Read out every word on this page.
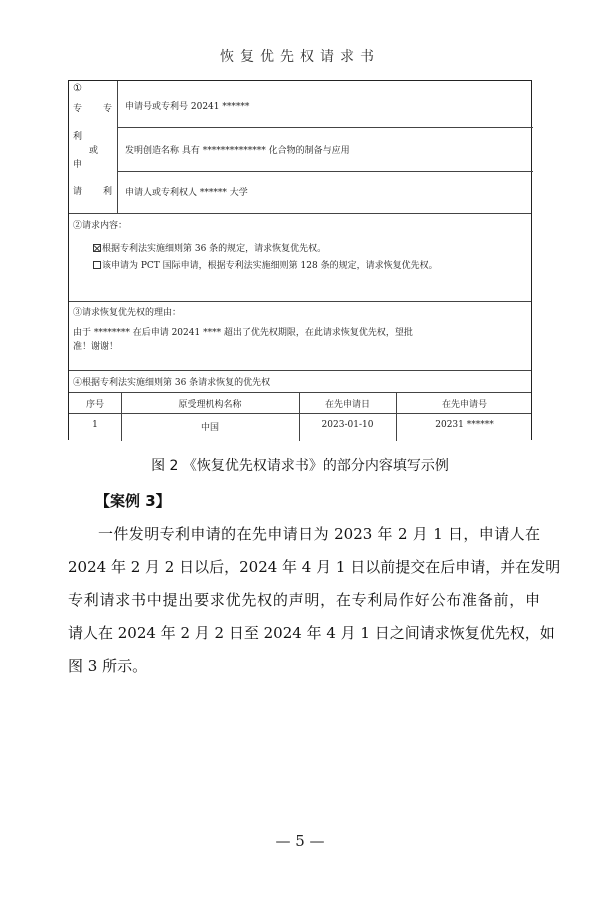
恢复优先权请求书
①
专 专
利
或
申
请 利
申请号或专利号 20241 ******
发明创造名称 具有 ************** 化合物的制备与应用
申请人或专利权人 ****** 大学
②请求内容：
根据专利法实施细则第 36 条的规定，请求恢复优先权。
该申请为 PCT 国际申请，根据专利法实施细则第 128 条的规定，请求恢复优先权。
③请求恢复优先权的理由：
由于 ******** 在后申请 20241 **** 超出了优先权期限，在此请求恢复优先权，望批
准！谢谢！
④根据专利法实施细则第 36 条请求恢复的优先权
序号	原受理机构名称	在先申请日	在先申请号
1	中国	2023-01-10	20231 ******
图 2 《恢复优先权请求书》的部分内容填写示例
【案例 3】
一件发明专利申请的在先申请日为 2023 年 2 月 1 日，申请人在
2024 年 2 月 2 日以后，2024 年 4 月 1 日以前提交在后申请，并在发明
专利请求书中提出要求优先权的声明，在专利局作好公布准备前，申
请人在 2024 年 2 月 2 日至 2024 年 4 月 1 日之间请求恢复优先权，如
图 3 所示。
— 5 —
